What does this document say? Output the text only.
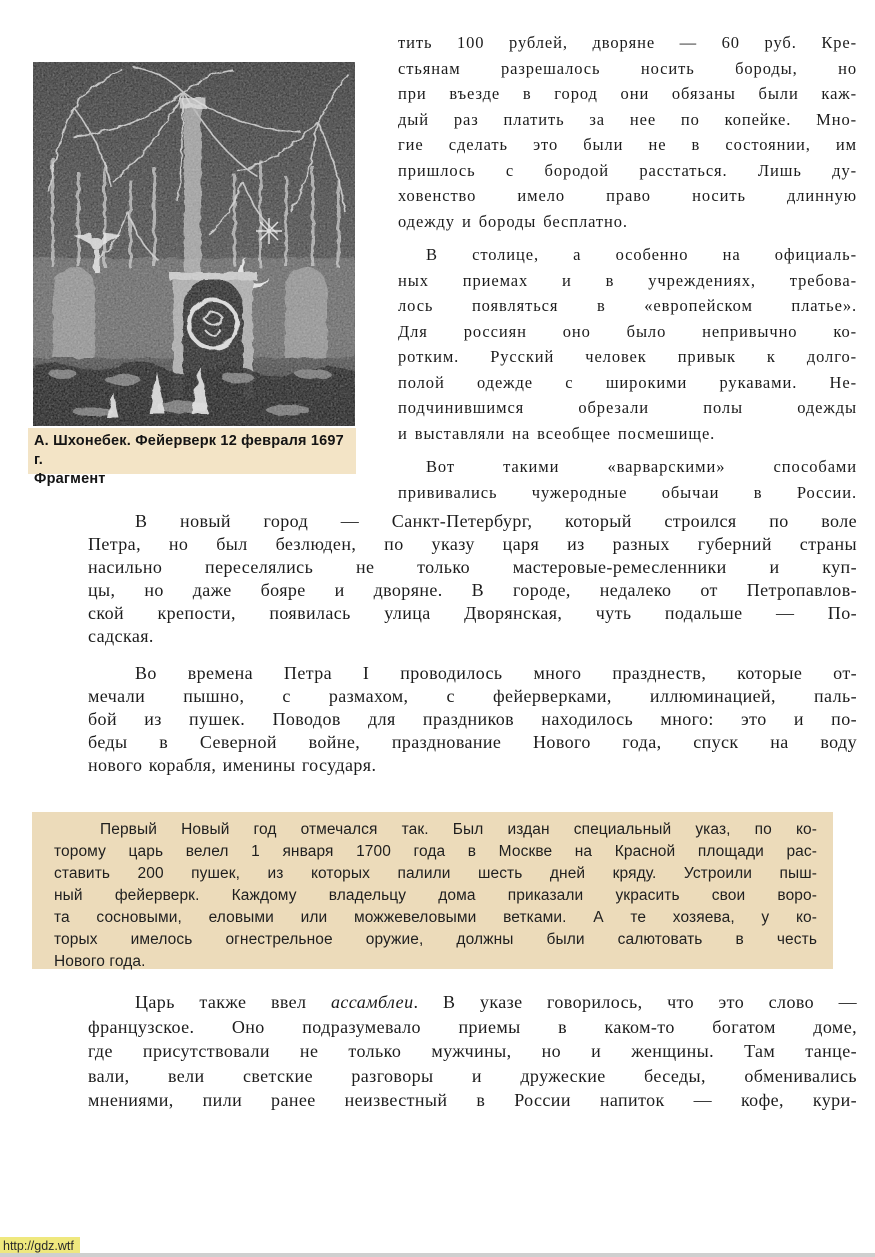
А. Шхонебек. Фейерверк 12 февраля 1697 г.
Фрагмент
тить 100 рублей, дворяне — 60 руб. Кре-
стьянам разрешалось носить бороды, но
при въезде в город они обязаны были каж-
дый раз платить за нее по копейке. Мно-
гие сделать это были не в состоянии, им
пришлось с бородой расстаться. Лишь ду-
ховенство имело право носить длинную
одежду и бороды бесплатно.
В столице, а особенно на официаль-
ных приемах и в учреждениях, требова-
лось появляться в «европейском платье».
Для россиян оно было непривычно ко-
ротким. Русский человек привык к долго-
полой одежде с широкими рукавами. Не-
подчинившимся обрезали полы одежды
и выставляли на всеобщее посмешище.
Вот такими «варварскими» способами
прививались чужеродные обычаи в России.
В новый город — Санкт-Петербург, который строился по воле
Петра, но был безлюден, по указу царя из разных губерний страны
насильно переселялись не только мастеровые-ремесленники и куп-
цы, но даже бояре и дворяне. В городе, недалеко от Петропавлов-
ской крепости, появилась улица Дворянская, чуть подальше — По-
садская.
Во времена Петра I проводилось много празднеств, которые от-
мечали пышно, с размахом, с фейерверками, иллюминацией, паль-
бой из пушек. Поводов для праздников находилось много: это и по-
беды в Северной войне, празднование Нового года, спуск на воду
нового корабля, именины государя.
Первый Новый год отмечался так. Был издан специальный указ, по ко-
торому царь велел 1 января 1700 года в Москве на Красной площади рас-
ставить 200 пушек, из которых палили шесть дней кряду. Устроили пыш-
ный фейерверк. Каждому владельцу дома приказали украсить свои воро-
та сосновыми, еловыми или можжевеловыми ветками. А те хозяева, у ко-
торых имелось огнестрельное оружие, должны были салютовать в честь
Нового года.
Царь также ввел ассамблеи. В указе говорилось, что это слово —
французское. Оно подразумевало приемы в каком-то богатом доме,
где присутствовали не только мужчины, но и женщины. Там танце-
вали, вели светские разговоры и дружеские беседы, обменивались
мнениями, пили ранее неизвестный в России напиток — кофе, кури-
http://gdz.wtf
